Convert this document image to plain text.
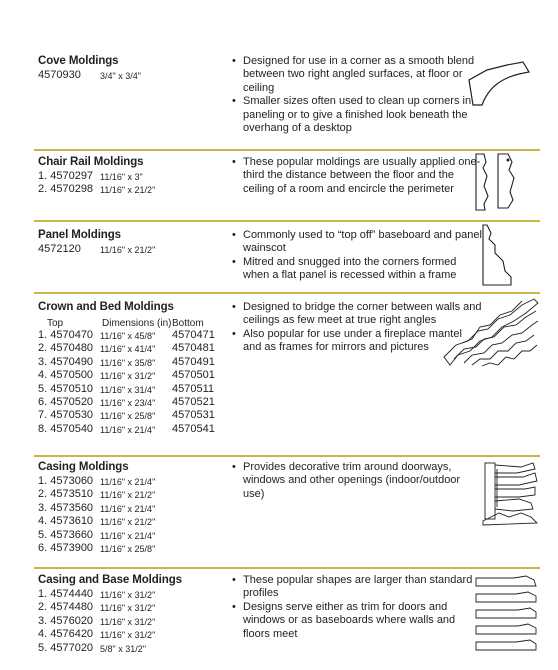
Cove Moldings
4570930 3/4" x 3/4"
• Designed for use in a corner as a smooth blend between two right angled surfaces, at floor or ceiling
• Smaller sizes often used to clean up corners in paneling or to give a finished look beneath the overhang of a desktop
Chair Rail Moldings
1. 4570297 11/16" x 3"
2. 4570298 11/16" x 21/2"
• These popular moldings are usually applied one-third the distance between the floor and the ceiling of a room and encircle the perimeter
Panel Moldings
4572120 11/16" x 21/2"
• Commonly used to “top off” baseboard and panel wainscot
• Mitred and snugged into the corners formed when a flat panel is recessed within a frame
Crown and Bed Moldings
Top	Dimensions (in) Bottom
1. 4570470 11/16" x 45/8" 4570471
2. 4570480 11/16" x 41/4" 4570481
3. 4570490 11/16" x 35/8" 4570491
4. 4570500 11/16" x 31/2" 4570501
5. 4570510 11/16" x 31/4" 4570511
6. 4570520 11/16" x 23/4" 4570521
7. 4570530 11/16" x 25/8" 4570531
8. 4570540 11/16" x 21/4" 4570541
• Designed to bridge the corner between walls and ceilings as few meet at true right angles
• Also popular for use under a fireplace mantel and as frames for mirrors and pictures
Casing Moldings
1. 4573060 11/16" x 21/4"
2. 4573510 11/16" x 21/2"
3. 4573560 11/16" x 21/4"
4. 4573610 11/16" x 21/2"
5. 4573660 11/16" x 21/4"
6. 4573900 11/16" x 25/8"
• Provides decorative trim around doorways, windows and other openings (indoor/outdoor use)
Casing and Base Moldings
1. 4574440 11/16" x 31/2"
2. 4574480 11/16" x 31/2"
3. 4576020 11/16" x 31/2"
4. 4576420 11/16" x 31/2"
5. 4577020 5/8" x 31/2"
• These popular shapes are larger than standard profiles
• Designs serve either as trim for doors and windows or as baseboards where walls and floors meet
